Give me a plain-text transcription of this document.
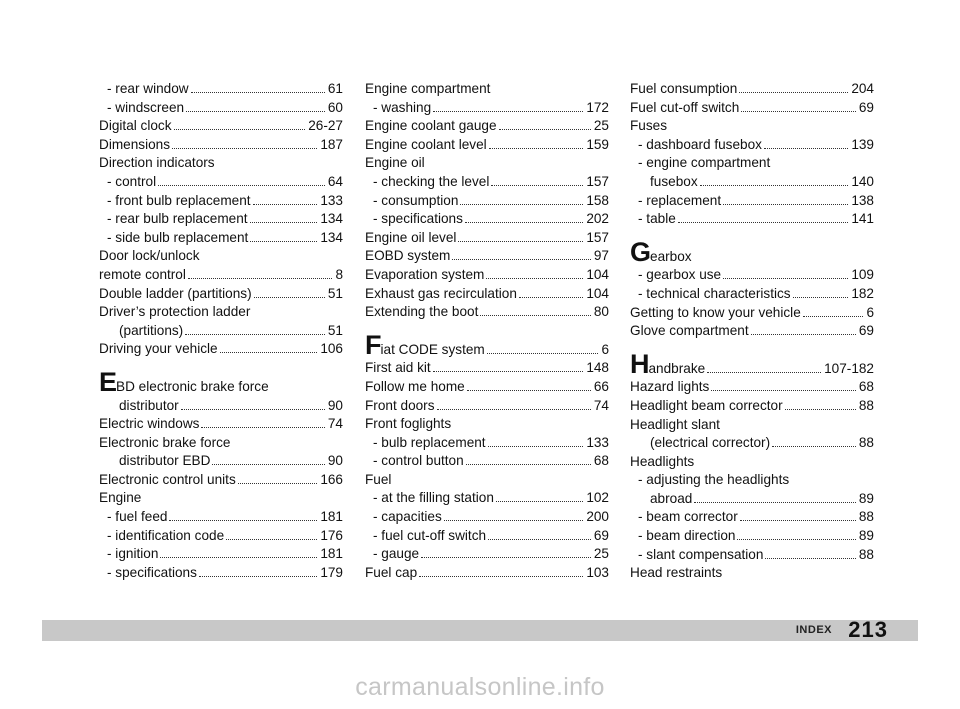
- rear window	61
- windscreen	60
Digital clock	26-27
Dimensions	187
Direction indicators
- control	64
- front bulb replacement	133
- rear bulb replacement	134
- side bulb replacement	134
Door lock/unlock
remote control	8
Double ladder (partitions)	51
Driver’s protection ladder
(partitions)	51
Driving your vehicle	106
EBD electronic brake force
distributor	90
Electric windows	74
Electronic brake force
distributor EBD	90
Electronic control units	166
Engine
- fuel feed	181
- identification code	176
- ignition	181
- specifications	179
Engine compartment
- washing	172
Engine coolant gauge	25
Engine coolant level	159
Engine oil
- checking the level	157
- consumption	158
- specifications	202
Engine oil level	157
EOBD system	97
Evaporation system	104
Exhaust gas recirculation	104
Extending the boot	80
Fiat CODE system	6
First aid kit	148
Follow me home	66
Front doors	74
Front foglights
- bulb replacement	133
- control button	68
Fuel
- at the filling station	102
- capacities	200
- fuel cut-off switch	69
- gauge	25
Fuel cap	103
Fuel consumption	204
Fuel cut-off switch	69
Fuses
- dashboard fusebox	139
- engine compartment
fusebox	140
- replacement	138
- table	141
Gearbox
- gearbox use	109
- technical characteristics	182
Getting to know your vehicle	6
Glove compartment	69
Handbrake	107-182
Hazard lights	68
Headlight beam corrector	88
Headlight slant
(electrical corrector)	88
Headlights
- adjusting the headlights
abroad	89
- beam corrector	88
- beam direction	89
- slant compensation	88
Head restraints
INDEX 213
carmanualsonline.info
